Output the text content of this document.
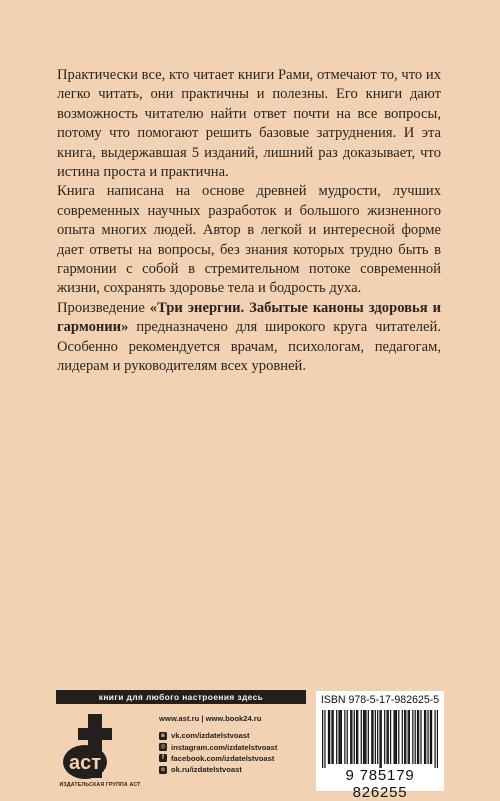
Практически все, кто читает книги Рами, отмечают то, что их легко читать, они практичны и полезны. Его книги дают возможность читателю найти ответ почти на все вопросы, потому что помогают решить базовые затруднения. И эта книга, выдержавшая 5 изданий, лишний раз доказывает, что истина проста и практична.

Книга написана на основе древней мудрости, лучших современных научных разработок и большого жизненного опыта многих людей. Автор в легкой и интересной форме дает ответы на вопросы, без знания которых трудно быть в гармонии с собой в стремительном потоке современной жизни, сохранять здоровье тела и бодрость духа.

Произведение «Три энергии. Забытые каноны здоровья и гармонии» предназначено для широкого круга читателей. Особенно рекомендуется врачам, психологам, педагогам, лидерам и руководителям всех уровней.

книги для любого настроения здесь
аст
ИЗДАТЕЛЬСКАЯ ГРУППА АСТ
www.ast.ru | www.book24.ru
в vk.com/izdatelstvoast
◎ instagram.com/izdatelstvoast
f facebook.com/izdatelstvoast
о ok.ru/izdatelstvoast
ISBN 978-5-17-982625-5
9 785179 826255
